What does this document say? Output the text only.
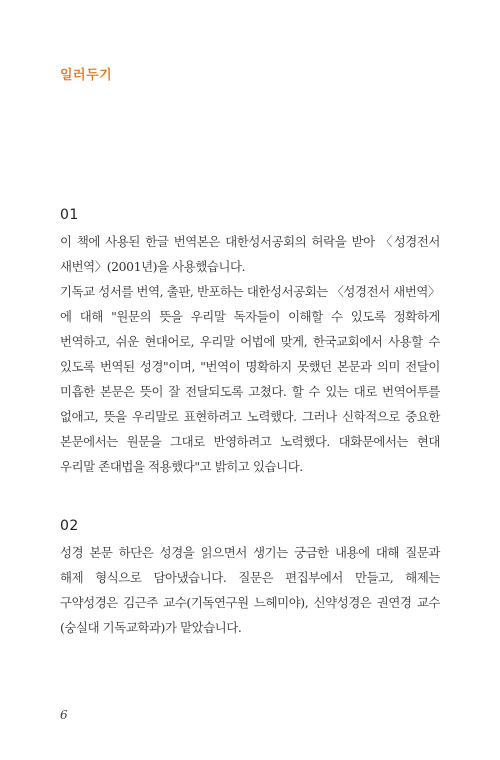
일러두기
01

이 책에 사용된 한글 번역본은 대한성서공회의 허락을 받아 〈성경전서 새번역〉(2001년)을 사용했습니다.

기독교 성서를 번역, 출판, 반포하는 대한성서공회는 〈성경전서 새번역〉에 대해 "원문의 뜻을 우리말 독자들이 이해할 수 있도록 정확하게 번역하고, 쉬운 현대어로, 우리말 어법에 맞게, 한국교회에서 사용할 수 있도록 번역된 성경"이며, "번역이 명확하지 못했던 본문과 의미 전달이 미흡한 본문은 뜻이 잘 전달되도록 고쳤다. 할 수 있는 대로 번역어투를 없애고, 뜻을 우리말로 표현하려고 노력했다. 그러나 신학적으로 중요한 본문에서는 원문을 그대로 반영하려고 노력했다. 대화문에서는 현대 우리말 존대법을 적용했다"고 밝히고 있습니다.

02

성경 본문 하단은 성경을 읽으면서 생기는 궁금한 내용에 대해 질문과 해제 형식으로 담아냈습니다. 질문은 편집부에서 만들고, 해제는 구약성경은 김근주 교수(기독연구원 느헤미야), 신약성경은 권연경 교수(숭실대 기독교학과)가 맡았습니다.

6
